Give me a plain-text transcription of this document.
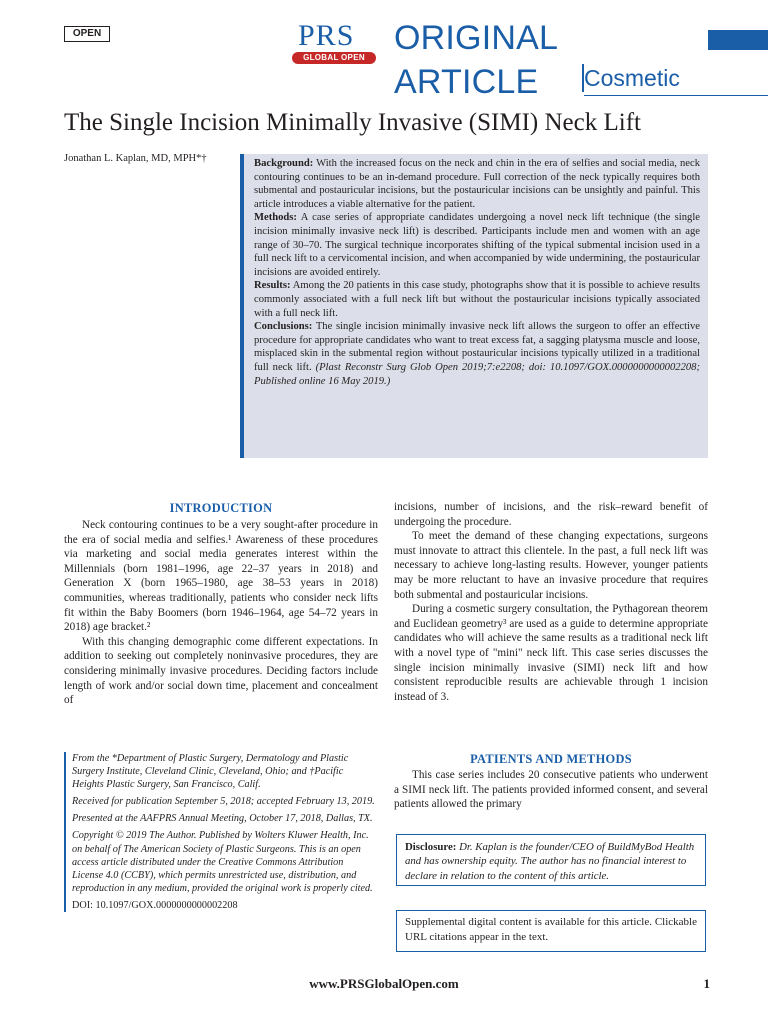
OPEN	PRS
GLOBAL OPEN
ORIGINAL ARTICLE	Cosmetic
The Single Incision Minimally Invasive (SIMI) Neck Lift
Jonathan L. Kaplan, MD, MPH*†	Background: With the increased focus on the neck and chin in the era of selfies and social media, neck contouring continues to be an in-demand procedure. Full correction of the neck typically requires both submental and postauricular incisions, but the postauricular incisions can be unsightly and painful. This article introduces a viable alternative for the patient.

Methods: A case series of appropriate candidates undergoing a novel neck lift technique (the single incision minimally invasive neck lift) is described. Participants include men and women with an age range of 30–70. The surgical technique incorporates shifting of the typical submental incision used in a full neck lift to a cervicomental incision, and when accompanied by wide undermining, the postauricular incisions are avoided entirely.

Results: Among the 20 patients in this case study, photographs show that it is possible to achieve results commonly associated with a full neck lift but without the postauricular incisions typically associated with a full neck lift.

Conclusions: The single incision minimally invasive neck lift allows the surgeon to offer an effective procedure for appropriate candidates who want to treat excess fat, a sagging platysma muscle and loose, misplaced skin in the submental region without postauricular incisions typically utilized in a traditional full neck lift. (Plast Reconstr Surg Glob Open 2019;7:e2208; doi: 10.1097/GOX.0000000000002208; Published online 16 May 2019.)

INTRODUCTION

Neck contouring continues to be a very sought-after procedure in the era of social media and selfies.¹ Awareness of these procedures via marketing and social media generates interest within the Millennials (born 1981–1996, age 22–37 years in 2018) and Generation X (born 1965–1980, age 38–53 years in 2018) communities, whereas traditionally, patients who consider neck lifts fit within the Baby Boomers (born 1946–1964, age 54–72 years in 2018) age bracket.²

With this changing demographic come different expectations. In addition to seeking out completely noninvasive procedures, they are considering minimally invasive procedures. Deciding factors include length of work and/or social down time, placement and concealment of

incisions, number of incisions, and the risk–reward benefit of undergoing the procedure.

To meet the demand of these changing expectations, surgeons must innovate to attract this clientele. In the past, a full neck lift was necessary to achieve long-lasting results. However, younger patients may be more reluctant to have an invasive procedure that requires both submental and postauricular incisions.

During a cosmetic surgery consultation, the Pythagorean theorem and Euclidean geometry³ are used as a guide to determine appropriate candidates who will achieve the same results as a traditional neck lift with a novel type of "mini" neck lift. This case series discusses the single incision minimally invasive (SIMI) neck lift and how consistent reproducible results are achievable through 1 incision instead of 3.

PATIENTS AND METHODS

This case series includes 20 consecutive patients who underwent a SIMI neck lift. The patients provided informed consent, and several patients allowed the primary

From the *Department of Plastic Surgery, Dermatology and Plastic Surgery Institute, Cleveland Clinic, Cleveland, Ohio; and †Pacific Heights Plastic Surgery, San Francisco, Calif.

Received for publication September 5, 2018; accepted February 13, 2019.

Presented at the AAFPRS Annual Meeting, October 17, 2018, Dallas, TX.

Copyright © 2019 The Author. Published by Wolters Kluwer Health, Inc. on behalf of The American Society of Plastic Surgeons. This is an open access article distributed under the Creative Commons Attribution License 4.0 (CCBY), which permits unrestricted use, distribution, and reproduction in any medium, provided the original work is properly cited.

DOI: 10.1097/GOX.0000000000002208

Disclosure: Dr. Kaplan is the founder/CEO of BuildMyBod Health and has ownership equity. The author has no financial interest to declare in relation to the content of this article.
Supplemental digital content is available for this article. Clickable URL citations appear in the text.
www.PRSGlobalOpen.com	1
